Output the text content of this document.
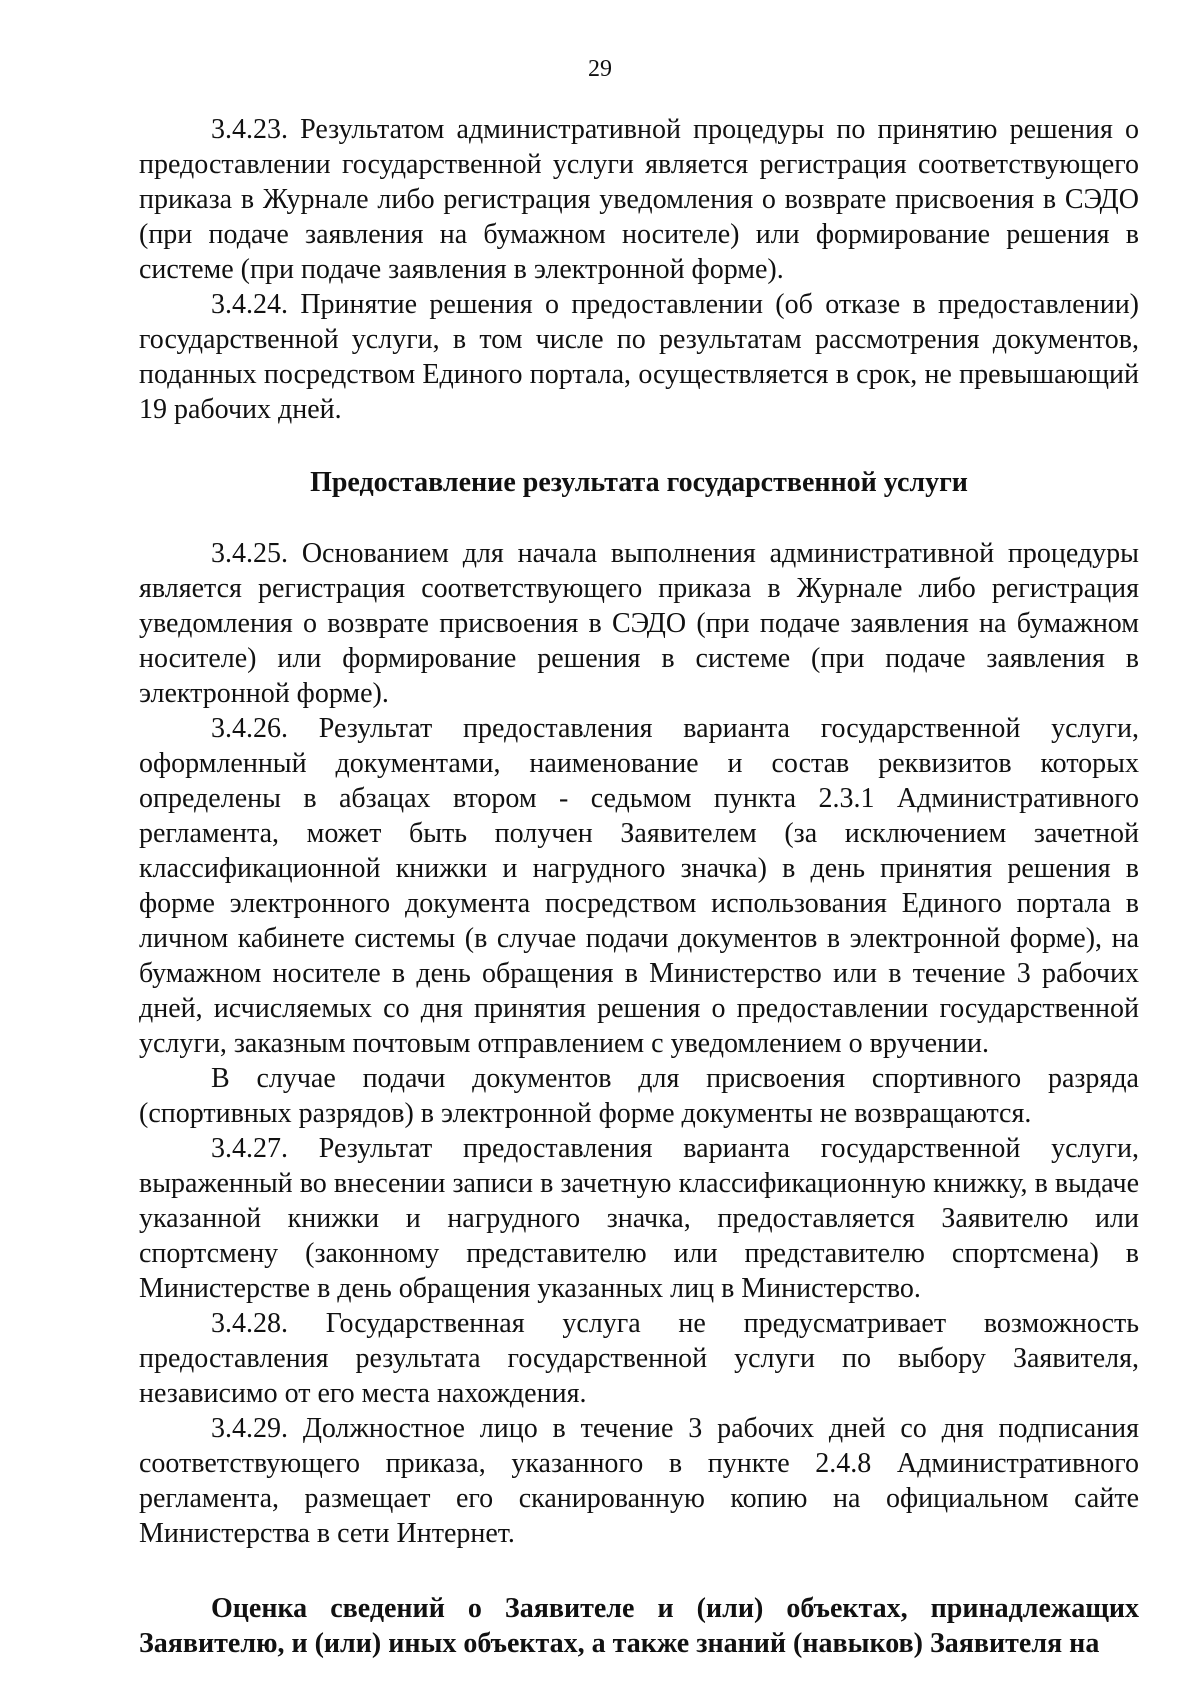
29

3.4.23. Результатом административной процедуры по принятию решения о предоставлении государственной услуги является регистрация соответствующего приказа в Журнале либо регистрация уведомления о возврате присвоения в СЭДО (при подаче заявления на бумажном носителе) или формирование решения в системе (при подаче заявления в электронной форме).

3.4.24. Принятие решения о предоставлении (об отказе в предоставлении) государственной услуги, в том числе по результатам рассмотрения документов, поданных посредством Единого портала, осуществляется в срок, не превышающий 19 рабочих дней.

Предоставление результата государственной услуги

3.4.25. Основанием для начала выполнения административной процедуры является регистрация соответствующего приказа в Журнале либо регистрация уведомления о возврате присвоения в СЭДО (при подаче заявления на бумажном носителе) или формирование решения в системе (при подаче заявления в электронной форме).

3.4.26. Результат предоставления варианта государственной услуги, оформленный документами, наименование и состав реквизитов которых определены в абзацах втором - седьмом пункта 2.3.1 Административного регламента, может быть получен Заявителем (за исключением зачетной классификационной книжки и нагрудного значка) в день принятия решения в форме электронного документа посредством использования Единого портала в личном кабинете системы (в случае подачи документов в электронной форме), на бумажном носителе в день обращения в Министерство или в течение 3 рабочих дней, исчисляемых со дня принятия решения о предоставлении государственной услуги, заказным почтовым отправлением с уведомлением о вручении.

В случае подачи документов для присвоения спортивного разряда (спортивных разрядов) в электронной форме документы не возвращаются.

3.4.27. Результат предоставления варианта государственной услуги, выраженный во внесении записи в зачетную классификационную книжку, в выдаче указанной книжки и нагрудного значка, предоставляется Заявителю или спортсмену (законному представителю или представителю спортсмена) в Министерстве в день обращения указанных лиц в Министерство.

3.4.28. Государственная услуга не предусматривает возможность предоставления результата государственной услуги по выбору Заявителя, независимо от его места нахождения.

3.4.29. Должностное лицо в течение 3 рабочих дней со дня подписания соответствующего приказа, указанного в пункте 2.4.8 Административного регламента, размещает его сканированную копию на официальном сайте Министерства в сети Интернет.

Оценка сведений о Заявителе и (или) объектах, принадлежащих Заявителю, и (или) иных объектах, а также знаний (навыков) Заявителя на
